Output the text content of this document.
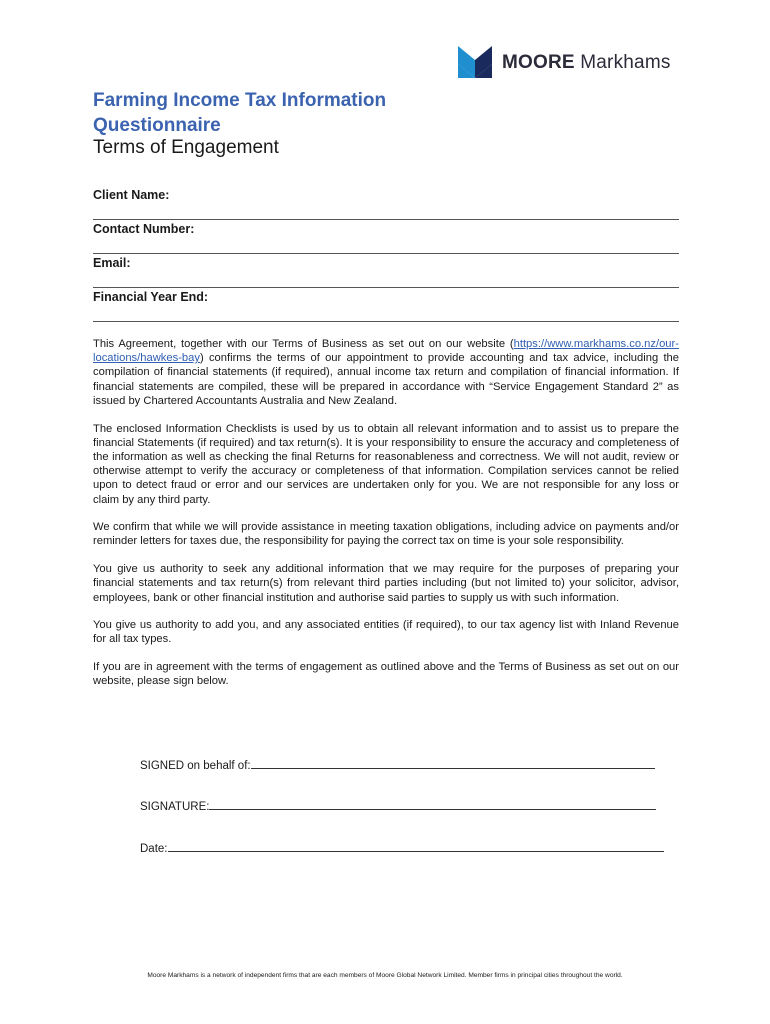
MOORE Markhams
Farming Income Tax Information Questionnaire
Terms of Engagement
Client Name:
Contact Number:
Email:
Financial Year End:

This Agreement, together with our Terms of Business as set out on our website (https://www.markhams.co.nz/our-locations/hawkes-bay) confirms the terms of our appointment to provide accounting and tax advice, including the compilation of financial statements (if required), annual income tax return and compilation of financial information. If financial statements are compiled, these will be prepared in accordance with “Service Engagement Standard 2” as issued by Chartered Accountants Australia and New Zealand.

The enclosed Information Checklists is used by us to obtain all relevant information and to assist us to prepare the financial Statements (if required) and tax return(s). It is your responsibility to ensure the accuracy and completeness of the information as well as checking the final Returns for reasonableness and correctness. We will not audit, review or otherwise attempt to verify the accuracy or completeness of that information. Compilation services cannot be relied upon to detect fraud or error and our services are undertaken only for you. We are not responsible for any loss or claim by any third party.

We confirm that while we will provide assistance in meeting taxation obligations, including advice on payments and/or reminder letters for taxes due, the responsibility for paying the correct tax on time is your sole responsibility.

You give us authority to seek any additional information that we may require for the purposes of preparing your financial statements and tax return(s) from relevant third parties including (but not limited to) your solicitor, advisor, employees, bank or other financial institution and authorise said parties to supply us with such information.

You give us authority to add you, and any associated entities (if required), to our tax agency list with Inland Revenue for all tax types.

If you are in agreement with the terms of engagement as outlined above and the Terms of Business as set out on our website, please sign below.

SIGNED on behalf of:
SIGNATURE:
Date:
Moore Markhams is a network of independent firms that are each members of Moore Global Network Limited. Member firms in principal cities throughout the world.
